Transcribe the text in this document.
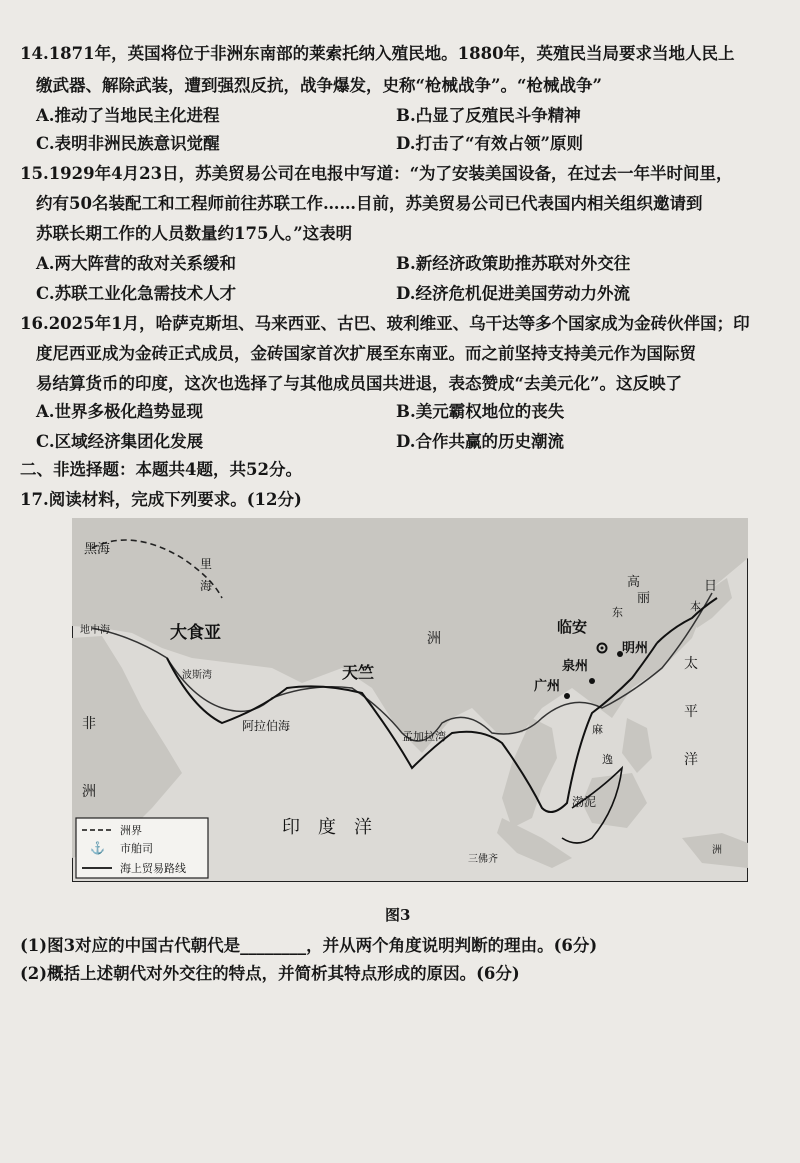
14.1871年，英国将位于非洲东南部的莱索托纳入殖民地。1880年，英殖民当局要求当地人民上
缴武器、解除武装，遭到强烈反抗，战争爆发，史称“枪械战争”。“枪械战争”
A.推动了当地民主化进程	B.凸显了反殖民斗争精神
C.表明非洲民族意识觉醒	D.打击了“有效占领”原则
15.1929年4月23日，苏美贸易公司在电报中写道：“为了安装美国设备，在过去一年半时间里，
约有50名装配工和工程师前往苏联工作……目前，苏美贸易公司已代表国内相关组织邀请到
苏联长期工作的人员数量约175人。”这表明
A.两大阵营的敌对关系缓和	B.新经济政策助推苏联对外交往
C.苏联工业化急需技术人才	D.经济危机促进美国劳动力外流
16.2025年1月，哈萨克斯坦、马来西亚、古巴、玻利维亚、乌干达等多个国家成为金砖伙伴国；印
度尼西亚成为金砖正式成员，金砖国家首次扩展至东南亚。而之前坚持支持美元作为国际贸
易结算货币的印度，这次也选择了与其他成员国共进退，表态赞成“去美元化”。这反映了
A.世界多极化趋势显现	B.美元霸权地位的丧失
C.区域经济集团化发展	D.合作共赢的历史潮流
二、非选择题：本题共4题，共52分。
17.阅读材料，完成下列要求。(12分)
黑海
里
海
地中海	大食亚	洲
天竺
波斯湾
阿拉伯海
孟加拉湾
印度洋
非
洲
临安
明州
泉州
广州
高
丽
日
本
东
太
平
洋
麻
逸
渤泥
三佛齐
洲
洲界
⚓ 市舶司
海上贸易路线
图3
(1)图3对应的中国古代朝代是________，并从两个角度说明判断的理由。(6分)
(2)概括上述朝代对外交往的特点，并简析其特点形成的原因。(6分)
